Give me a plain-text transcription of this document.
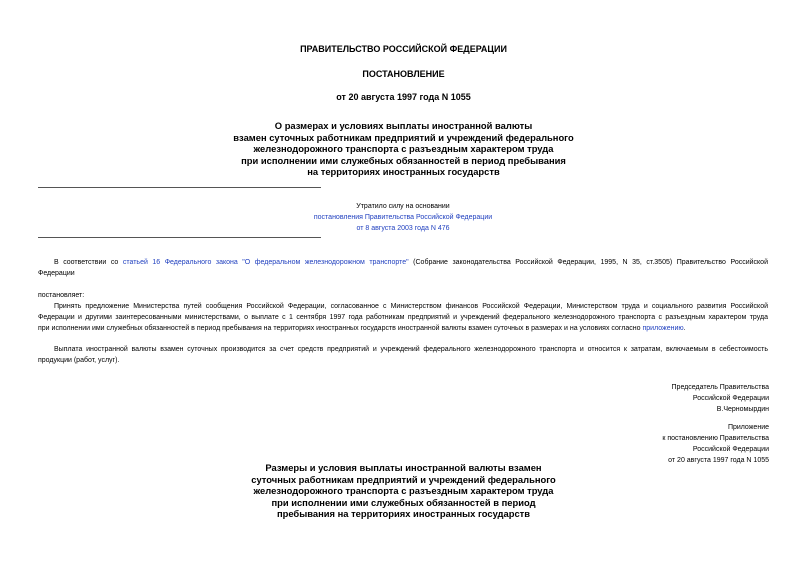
ПРАВИТЕЛЬСТВО РОССИЙСКОЙ ФЕДЕРАЦИИ
ПОСТАНОВЛЕНИЕ
от 20 августа 1997 года N 1055
О размерах и условиях выплаты иностранной валюты
взамен суточных работникам предприятий и учреждений федерального
железнодорожного транспорта с разъездным характером труда
при исполнении ими служебных обязанностей в период пребывания
на территориях иностранных государств
Утратило силу на основании
постановления Правительства Российской Федерации
от 8 августа 2003 года N 476
В соответствии со статьей 16 Федерального закона "О федеральном железнодорожном транспорте" (Собрание законодательства Российской Федерации, 1995, N 35, ст.3505) Правительство Российской
Федерации
постановляет:
Принять предложение Министерства путей сообщения Российской Федерации, согласованное с Министерством финансов Российской Федерации, Министерством труда и социального развития Российской
Федерации и другими заинтересованными министерствами, о выплате с 1 сентября 1997 года работникам предприятий и учреждений федерального железнодорожного транспорта с разъездным характером труда
при исполнении ими служебных обязанностей в период пребывания на территориях иностранных государств иностранной валюты взамен суточных в размерах и на условиях согласно приложению.
Выплата иностранной валюты взамен суточных производится за счет средств предприятий и учреждений федерального железнодорожного транспорта и относится к затратам, включаемым в себестоимость
продукции (работ, услуг).
Председатель Правительства
Российской Федерации
В.Черномырдин
Приложение
к постановлению Правительства
Российской Федерации
от 20 августа 1997 года N 1055
Размеры и условия выплаты иностранной валюты взамен
суточных работникам предприятий и учреждений федерального
железнодорожного транспорта с разъездным характером труда
при исполнении ими служебных обязанностей в период
пребывания на территориях иностранных государств
